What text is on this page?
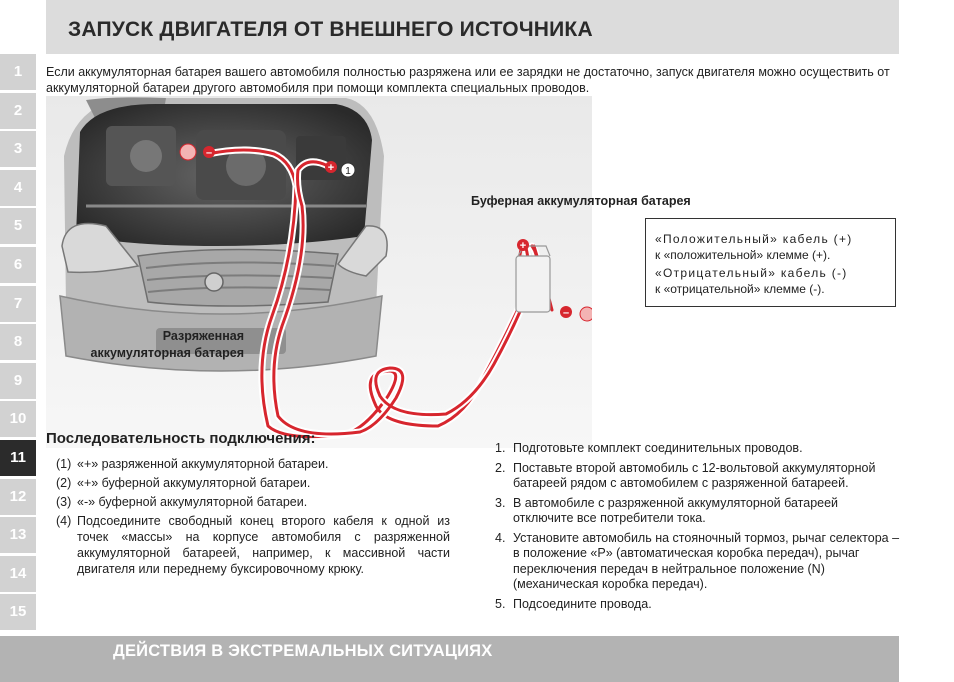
ЗАПУСК ДВИГАТЕЛЯ ОТ ВНЕШНЕГО ИСТОЧНИКА
1
2
3
4
5
6
7
8
9
10
11
12
13
14
15
Если аккумуляторная батарея вашего автомобиля полностью разряжена или ее зарядки не достаточно, запуск двигателя можно осуществить от аккумуляторной батареи другого автомобиля при помощи комплекта специальных проводов.
–
+ 1
+
–
Разряженная
аккумуляторная батарея
Буферная аккумуляторная батарея

«Положительный» кабель (+)
к «положительной» клемме (+).

«Отрицательный» кабель (-)
к «отрицательной» клемме (-).

Последовательность подключения:
(1) «+» разряженной аккумуляторной батареи.
(2) «+» буферной аккумуляторной батареи.
(3) «-» буферной аккумуляторной батареи.
(4) Подсоедините свободный конец второго кабеля к одной из точек «массы» на корпусе автомобиля с разряженной аккумуляторной батареей, например, к массивной части двигателя или переднему буксировочному крюку.
1. Подготовьте комплект соединительных проводов.
2. Поставьте второй автомобиль с 12-вольтовой аккумуляторной батареей рядом с автомобилем с разряженной батареей.
3. В автомобиле с разряженной аккумуляторной батареей отключите все потребители тока.
4. Установите автомобиль на стояночный тормоз, рычаг селектора – в положение «P» (автоматическая коробка передач), рычаг переключения передач в нейтральное положение (N) (механическая коробка передач).
5. Подсоедините провода.
ДЕЙСТВИЯ В ЭКСТРЕМАЛЬНЫХ СИТУАЦИЯХ
